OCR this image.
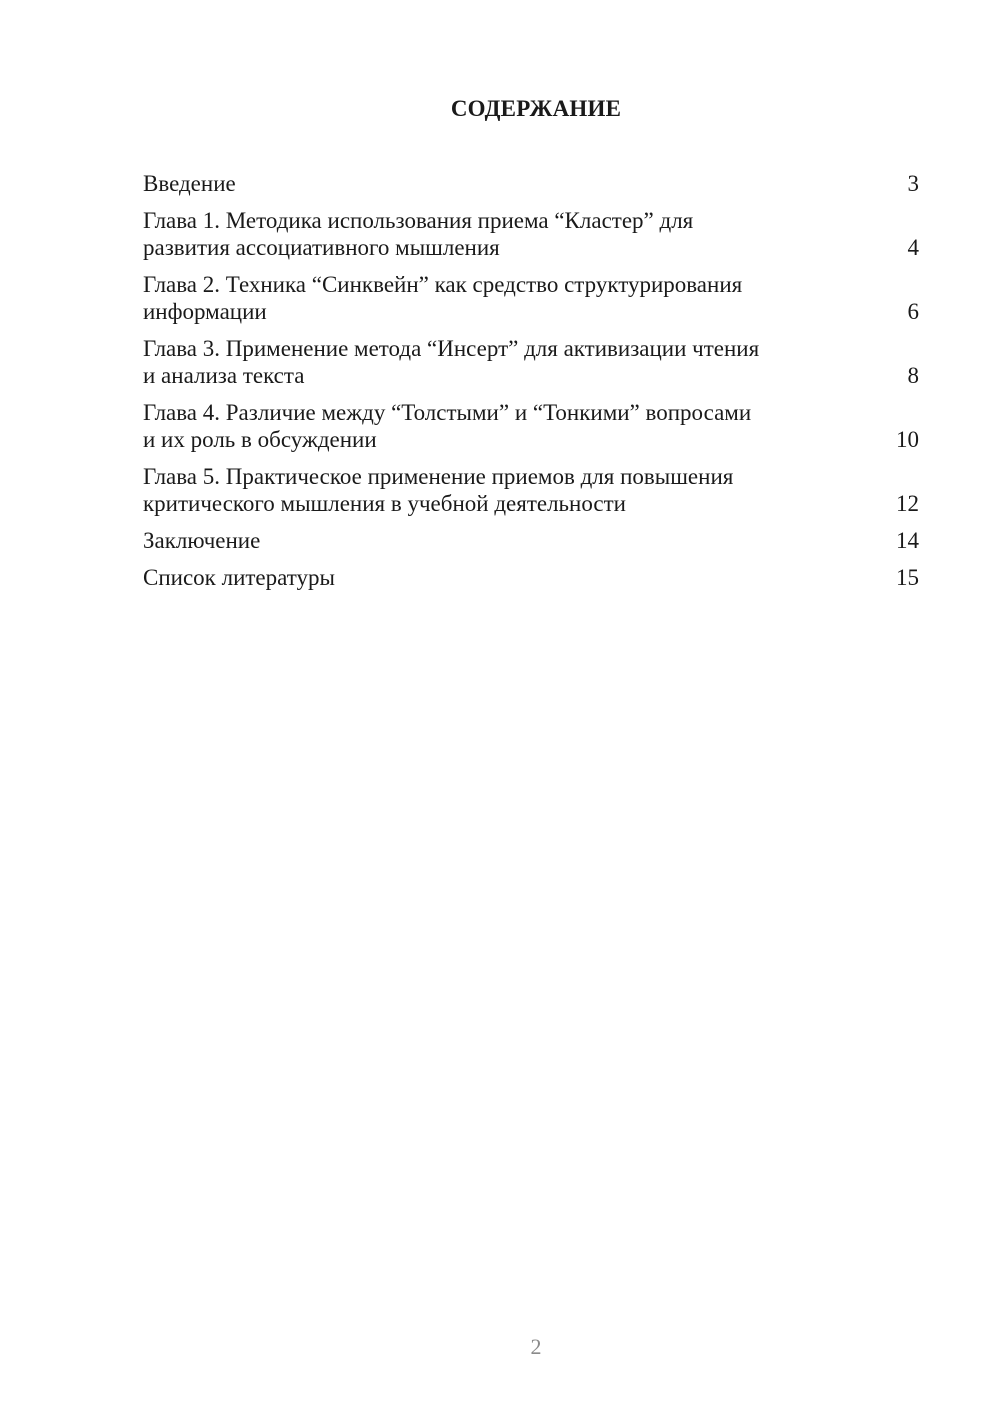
СОДЕРЖАНИЕ
Введение	3
Глава 1. Методика использования приема “Кластер” для
развития ассоциативного мышления	4
Глава 2. Техника “Синквейн” как средство структурирования
информации	6
Глава 3. Применение метода “Инсерт” для активизации чтения
и анализа текста	8
Глава 4. Различие между “Толстыми” и “Тонкими” вопросами
и их роль в обсуждении	10
Глава 5. Практическое применение приемов для повышения
критического мышления в учебной деятельности	12
Заключение	14
Список литературы	15
2
